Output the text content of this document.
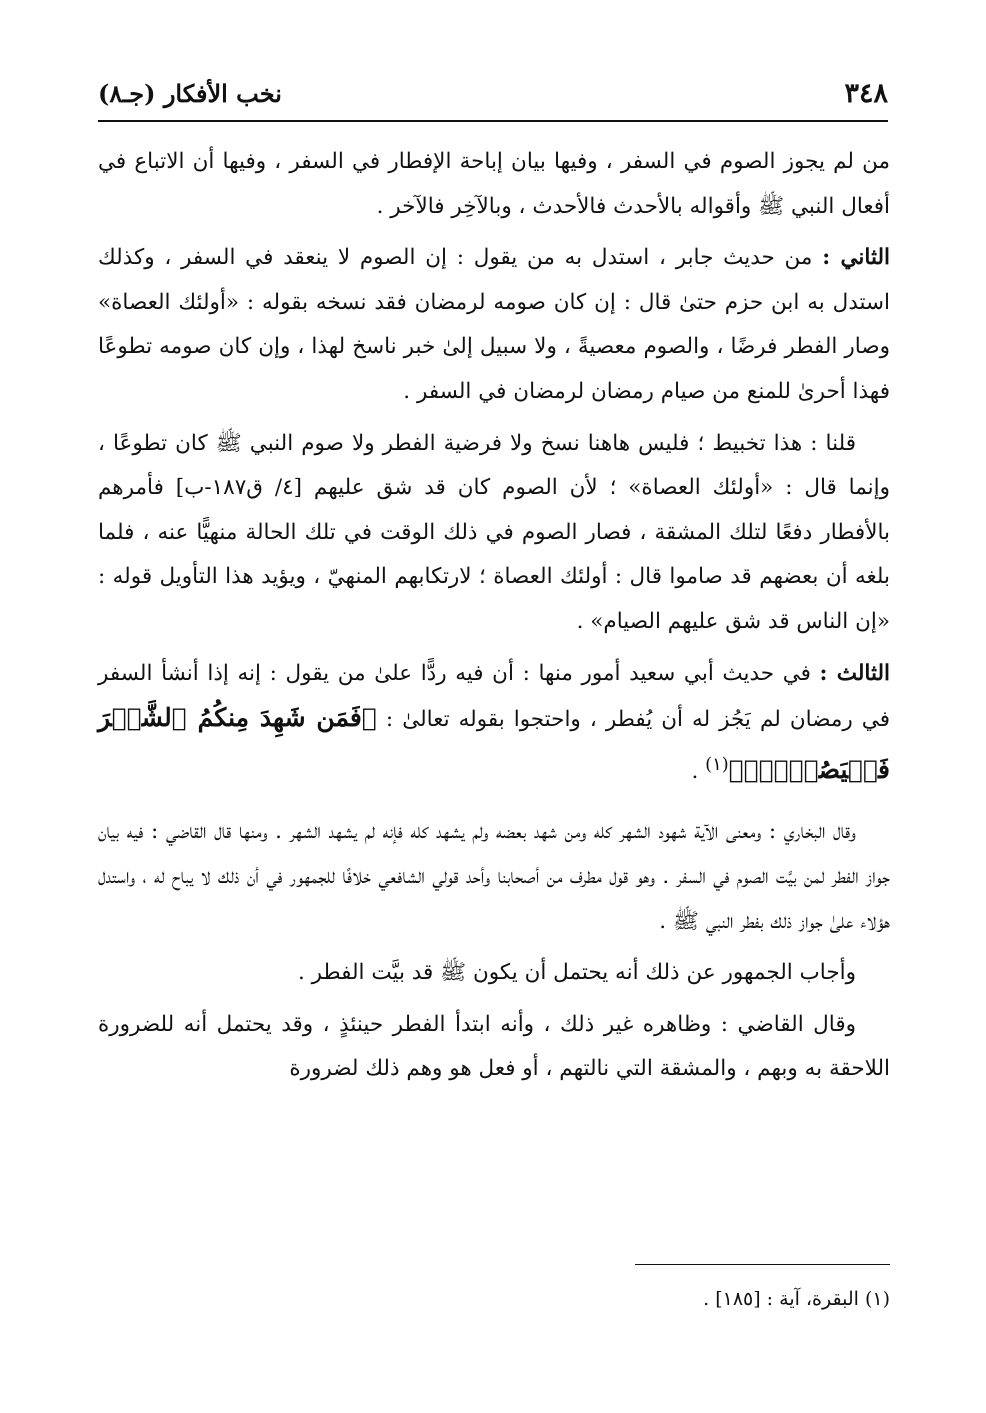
٣٤٨
نخب الأفكار (جـ٨)

من لم يجوز الصوم في السفر ، وفيها بيان إباحة الإفطار في السفر ، وفيها أن الاتباع في أفعال النبي ﷺ وأقواله بالأحدث فالأحدث ، وبالآخِر فالآخر .

الثاني : من حديث جابر ، استدل به من يقول : إن الصوم لا ينعقد في السفر ، وكذلك استدل به ابن حزم حتىٰ قال : إن كان صومه لرمضان فقد نسخه بقوله : «أولئك العصاة» وصار الفطر فرضًا ، والصوم معصيةً ، ولا سبيل إلىٰ خبر ناسخ لهذا ، وإن كان صومه تطوعًا فهذا أحرىٰ للمنع من صيام رمضان لرمضان في السفر .

قلنا : هذا تخبيط ؛ فليس هاهنا نسخ ولا فرضية الفطر ولا صوم النبي ﷺ كان تطوعًا ، وإنما قال : «أولئك العصاة» ؛ لأن الصوم كان قد شق عليهم [٤/ ق١٨٧-ب] فأمرهم بالأفطار دفعًا لتلك المشقة ، فصار الصوم في ذلك الوقت في تلك الحالة منهيًّا عنه ، فلما بلغه أن بعضهم قد صاموا قال : أولئك العصاة ؛ لارتكابهم المنهيّ ، ويؤيد هذا التأويل قوله : «إن الناس قد شق عليهم الصيام» .

الثالث : في حديث أبي سعيد أمور منها : أن فيه ردًّا علىٰ من يقول : إنه إذا أنشأ السفر في رمضان لم يَجُز له أن يُفطر ، واحتجوا بقوله تعالىٰ : ﴿فَمَن شَهِدَ مِنكُمُ ٱلشَّهۡرَ فَلۡيَصُمۡهُۖ﴾$^{(١)}$ .

وقال البخاري : ومعنى الآية شهود الشهر كله ومن شهد بعضه ولم يشهد كله فإنه لم يشهد الشهر . ومنها قال القاضي : فيه بيان جواز الفطر لمن بيَّت الصوم في السفر . وهو قول مطرف من أصحابنا وأحد قولي الشافعي خلافًا للجمهور في أن ذلك لا يباح له ، واستدل هؤلاء علىٰ جواز ذلك بفطر النبي ﷺ .

وأجاب الجمهور عن ذلك أنه يحتمل أن يكون ﷺ قد بيَّت الفطر .

وقال القاضي : وظاهره غير ذلك ، وأنه ابتدأ الفطر حينئذٍ ، وقد يحتمل أنه للضرورة اللاحقة به وبهم ، والمشقة التي نالتهم ، أو فعل هو وهم ذلك لضرورة

(١) البقرة، آية : [١٨٥] .
